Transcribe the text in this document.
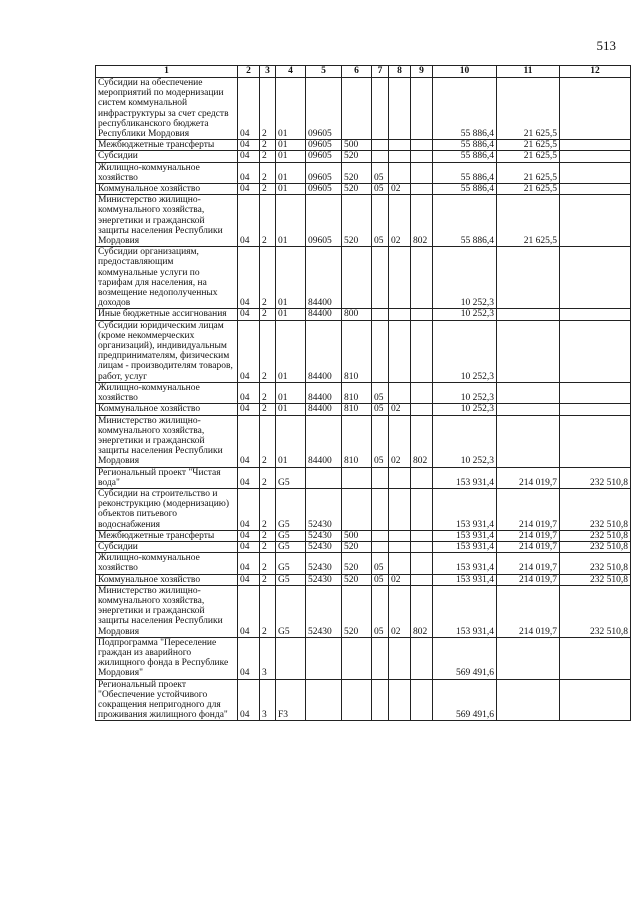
513
1	2	3	4	5	6	7	8	9	10	11	12
Субсидии на обеспечение мероприятий по модернизации систем коммунальной инфраструктуры за счет средств республиканского бюджета Республики Мордовия	04	2	01	09605					55 886,4	21 625,5	
Межбюджетные трансферты	04	2	01	09605	500				55 886,4	21 625,5	
Субсидии	04	2	01	09605	520				55 886,4	21 625,5	
Жилищно-коммунальное хозяйство	04	2	01	09605	520	05			55 886,4	21 625,5	
Коммунальное хозяйство	04	2	01	09605	520	05	02		55 886,4	21 625,5	
Министерство жилищно-коммунального хозяйства, энергетики и гражданской защиты населения Республики Мордовия	04	2	01	09605	520	05	02	802	55 886,4	21 625,5	
Субсидии организациям, предоставляющим коммунальные услуги по тарифам для населения, на возмещение недополученных доходов	04	2	01	84400					10 252,3		
Иные бюджетные ассигнования	04	2	01	84400	800				10 252,3		
Субсидии юридическим лицам (кроме некоммерческих организаций), индивидуальным предпринимателям, физическим лицам - производителям товаров, работ, услуг	04	2	01	84400	810				10 252,3		
Жилищно-коммунальное хозяйство	04	2	01	84400	810	05			10 252,3		
Коммунальное хозяйство	04	2	01	84400	810	05	02		10 252,3		
Министерство жилищно-коммунального хозяйства, энергетики и гражданской защиты населения Республики Мордовия	04	2	01	84400	810	05	02	802	10 252,3		
Региональный проект "Чистая вода"	04	2	G5						153 931,4	214 019,7	232 510,8
Субсидии на строительство и реконструкцию (модернизацию) объектов питьевого водоснабжения	04	2	G5	52430					153 931,4	214 019,7	232 510,8
Межбюджетные трансферты	04	2	G5	52430	500				153 931,4	214 019,7	232 510,8
Субсидии	04	2	G5	52430	520				153 931,4	214 019,7	232 510,8
Жилищно-коммунальное хозяйство	04	2	G5	52430	520	05			153 931,4	214 019,7	232 510,8
Коммунальное хозяйство	04	2	G5	52430	520	05	02		153 931,4	214 019,7	232 510,8
Министерство жилищно-коммунального хозяйства, энергетики и гражданской защиты населения Республики Мордовия	04	2	G5	52430	520	05	02	802	153 931,4	214 019,7	232 510,8
Подпрограмма "Переселение граждан из аварийного жилищного фонда в Республике Мордовия"	04	3							569 491,6		
Региональный проект "Обеспечение устойчивого сокращения непригодного для проживания жилищного фонда"	04	3	F3						569 491,6		
